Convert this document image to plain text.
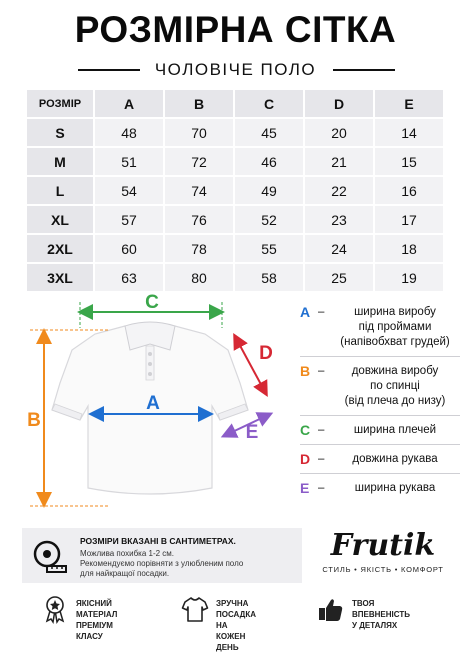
РОЗМІРНА СІТКА
ЧОЛОВІЧЕ ПОЛО
РОЗМІР	A	B	C	D	E
S	48	70	45	20	14
M	51	72	46	21	15
L	54	74	49	22	16
XL	57	76	52	23	17
2XL	60	78	55	24	18
3XL	63	80	58	25	19
C
A
B
D
E
A –	ширина виробу
під проймами
(напівобхват грудей)
B –	довжина виробу
по спинці
(від плеча до низу)
C –	ширина плечей
D –	довжина рукава
E –	ширина рукава
РОЗМІРИ ВКАЗАНІ В САНТИМЕТРАХ.
Можлива похибка 1-2 см.
Рекомендуємо порівняти з улюбленим поло
для найкращої посадки.
Frutik
СТИЛЬ • ЯКІСТЬ • КОМФОРТ
ЯКІСНИЙ МАТЕРІАЛ
ПРЕМІУМ КЛАСУ
ЗРУЧНА ПОСАДКА
НА КОЖЕН ДЕНЬ
ТВОЯ ВПЕВНЕНІСТЬ
У ДЕТАЛЯХ
